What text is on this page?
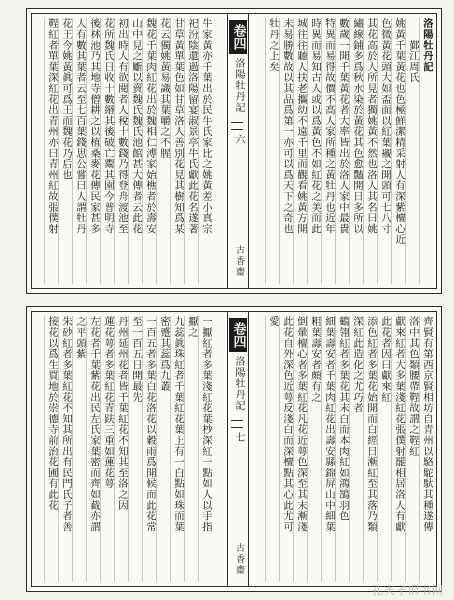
洛陽牡丹記
　　鄞江周氏
姚黃千葉黃花也色極鮮潔精采射人有深紫檀心近
色微黃花頭大如盃面以紅葉襯之開頭可七八寸
其花高於人所見者獨姚黃不然也洛人其名曰姚
繡線鋪多爲秋水染於黃花其色愈豔開日多所以
數歲一開千葉黃花者大率皆出於洛人家中最貴
特異而易得故價不高人家所種之黃牡丹也近年
時異而易知古人或以爲黃色不如紅花之美而此
城往往聽人扶老攜幼不遠千里而觀看姚黃方開
未易勝數故以其品爲第一亦可以爲天下之奇也
牡丹之上矣
卷四
洛陽牡丹記
六
古香齋
牛家黃亦千葉出於民牛氏家比之姚黃差小真宗
祀汾陰還過洛陽留宴淑景亭牛氏獻此花名遂著
甘草黃單葉色如甘草洛人善別花見其樹知爲某
花云獨姚黃易識其葉嚼之不腥
魏花千葉肉紅花出於魏相仁溥家始樵者於壽安
山中見之斸以賣魏氏魏氏池館甚大傳者云此花
初出時人有欲閱者人稅十數錢乃得登舟渡池至
花所魏氏日收十數緡其後破亡鬻其園今普明寺
後林池乃其地寺僧耕之以植桑麥花傳民家甚多
人有數其葉者云至七百葉錢思公嘗曰人謂牡丹
花王今姚黃眞可爲王而魏花乃后也
鞓紅者單葉深紅花出青州亦曰青州紅故張僕射
齊賢有第西京賢相坊自青州以駱駝馱其種遂傳
洛中其色類腰帶鞓故謂之鞓紅
獻來紅者大多葉淺紅花張僕射罷相居洛人有獻
此花者因曰獻來紅
添色紅者多葉花始開而白經日漸紅至其落乃類
深紅此造化之尤巧者
鶴翎紅者多葉花其末白而本肉紅如鴻鵠羽色
細葉壽安者千葉肉紅花出壽安縣錦屏山中細葉
粗葉壽安者頗有之
倒暈檀心者多葉紅花凡花近萼色深至其末漸淺
此花自外深色近萼反淺白而深檀點其心此尤可
愛
卷四
洛陽牡丹記
七
古香齋
一擫紅者多葉淺紅花葉杪深紅一點如人以手指
擫之
九蕊眞珠紅者千葉紅花葉上有一白點如珠而葉
密蹙其蕊爲九叢
一百五者多葉白花洛花以穀雨爲開候而此花常
至一百五日開最先
丹州延州花者皆千葉紅花不知其至洛之因
蓮花萼者多葉紅花青趺三重如蓮花萼
左花者千葉紫花出民左氏家葉密而齊如截亦謂
之平頭紫
朱砂紅者多葉紅花不知其所出有民門氏子者善
接花以爲生買地於崇德寺前治花圃有此花
孔夫子旧书网
